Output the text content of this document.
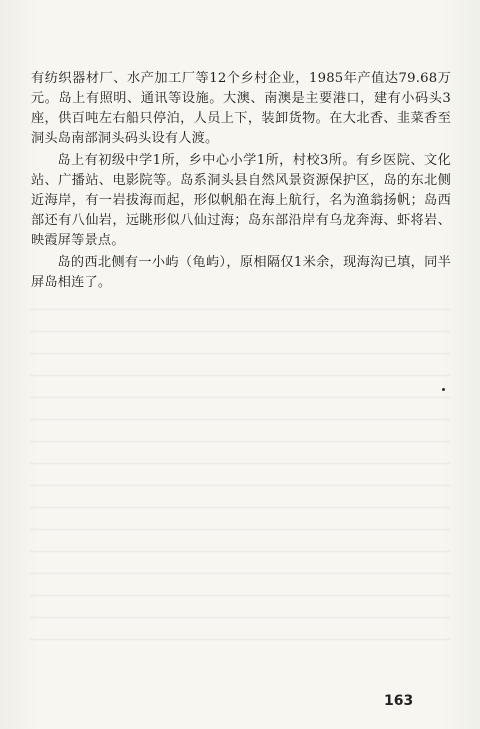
有纺织器材厂、水产加工厂等12个乡村企业，1985年产值达79.68万元。岛上有照明、通讯等设施。大澳、南澳是主要港口，建有小码头3座，供百吨左右船只停泊，人员上下，装卸货物。在大北香、韭菜香至洞头岛南部洞头码头设有人渡。

岛上有初级中学1所，乡中心小学1所，村校3所。有乡医院、文化站、广播站、电影院等。岛系洞头县自然风景资源保护区，岛的东北侧近海岸，有一岩拔海而起，形似帆船在海上航行，名为渔翁扬帆；岛西部还有八仙岩，远眺形似八仙过海；岛东部沿岸有乌龙奔海、虾将岩、映霞屏等景点。

岛的西北侧有一小屿（龟屿），原相隔仅1米余，现海沟已填，同半屏岛相连了。

163
